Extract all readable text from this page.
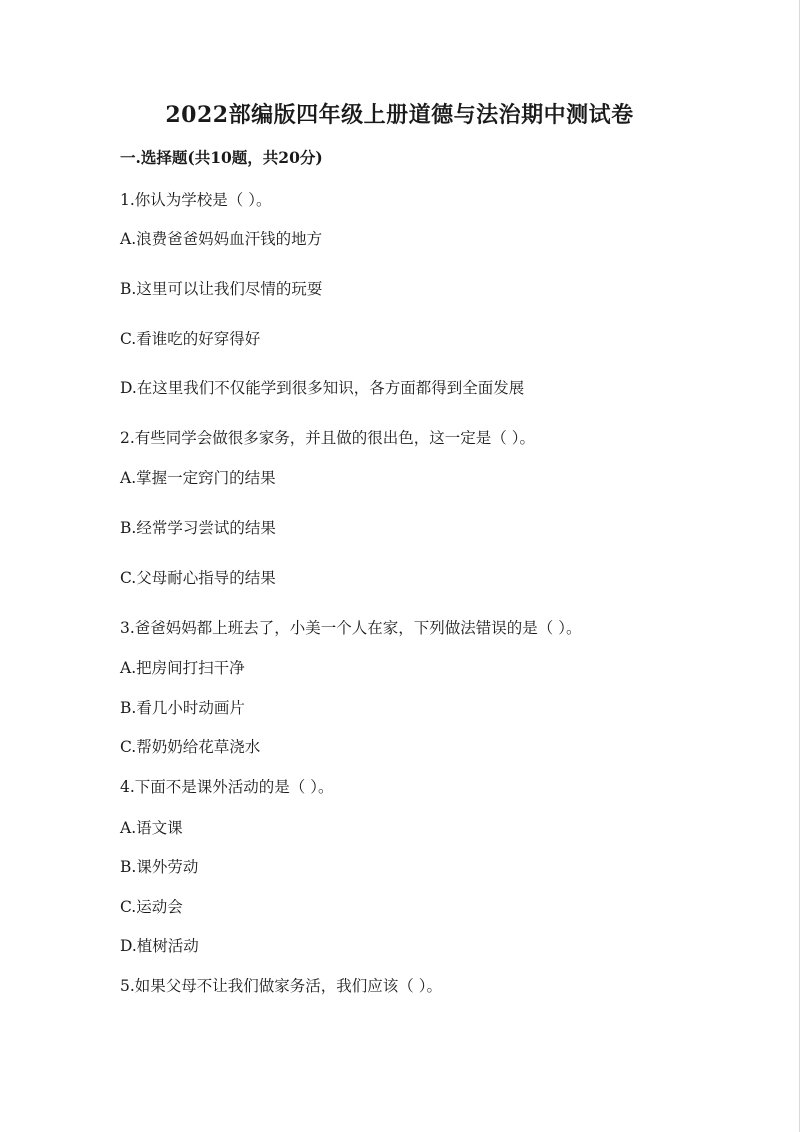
2022部编版四年级上册道德与法治期中测试卷
一.选择题(共10题，共20分)
1.你认为学校是（ ）。
A.浪费爸爸妈妈血汗钱的地方
B.这里可以让我们尽情的玩耍
C.看谁吃的好穿得好
D.在这里我们不仅能学到很多知识，各方面都得到全面发展
2.有些同学会做很多家务，并且做的很出色，这一定是（ ）。
A.掌握一定窍门的结果
B.经常学习尝试的结果
C.父母耐心指导的结果
3.爸爸妈妈都上班去了，小美一个人在家，下列做法错误的是（ ）。
A.把房间打扫干净
B.看几小时动画片
C.帮奶奶给花草浇水
4.下面不是课外活动的是（ ）。
A.语文课
B.课外劳动
C.运动会
D.植树活动
5.如果父母不让我们做家务活，我们应该（ ）。
